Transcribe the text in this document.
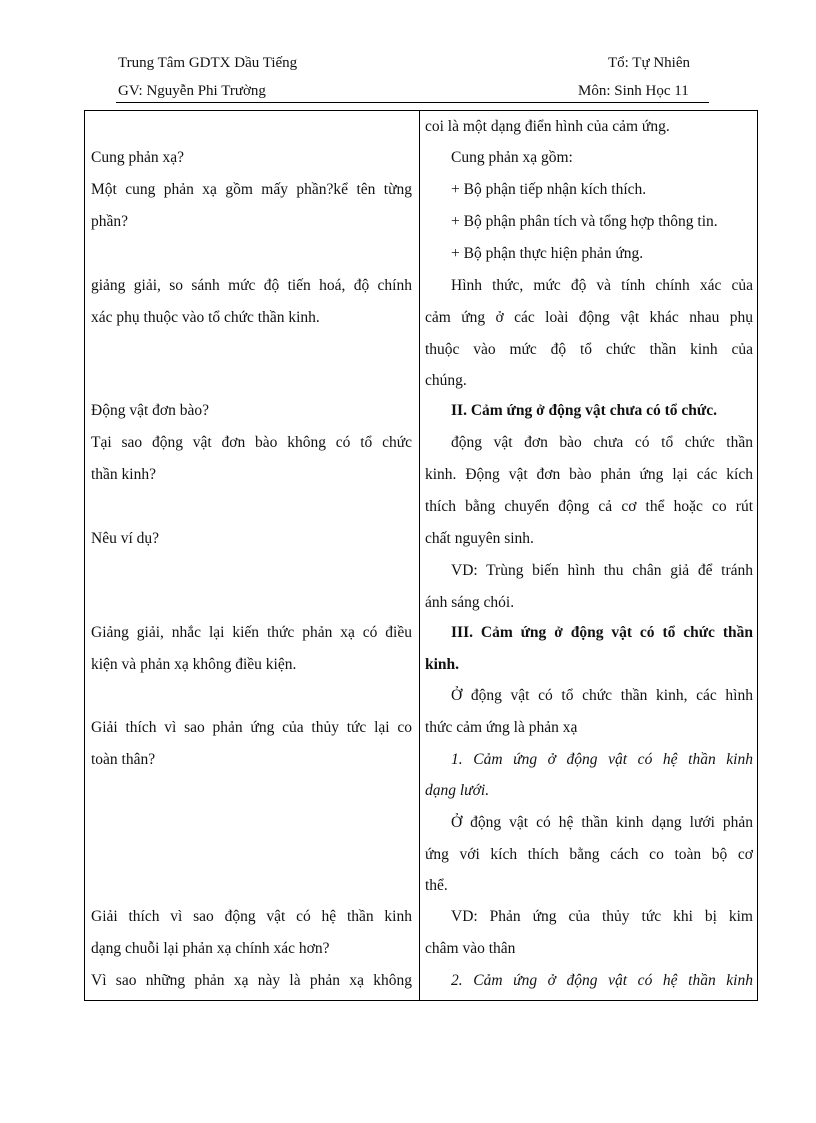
Trung Tâm GDTX Dầu Tiếng	Tổ: Tự Nhiên
GV: Nguyễn Phi Trường	Môn: Sinh Học 11
Cung phản xạ?
Một cung phản xạ gồm mấy phần?kể tên từng
phần?
giảng giải, so sánh mức độ tiến hoá, độ chính
xác phụ thuộc vào tổ chức thần kinh.
Động vật đơn bào?
Tại sao động vật đơn bào không có tổ chức
thần kinh?
Nêu ví dụ?
Giảng giải, nhắc lại kiến thức phản xạ có điều
kiện và phản xạ không điều kiện.
Giải thích vì sao phản ứng của thủy tức lại co
toàn thân?
Giải thích vì sao động vật có hệ thần kinh
dạng chuỗi lại phản xạ chính xác hơn?
Vì sao những phản xạ này là phản xạ không
coi là một dạng điển hình của cảm ứng.
Cung phản xạ gồm:
+ Bộ phận tiếp nhận kích thích.
+ Bộ phận phân tích và tổng hợp thông tin.
+ Bộ phận thực hiện phản ứng.
Hình thức, mức độ và tính chính xác của
cảm ứng ở các loài động vật khác nhau phụ
thuộc vào mức độ tổ chức thần kinh của
chúng.
II. Cảm ứng ở động vật chưa có tổ chức.
động vật đơn bào chưa có tổ chức thần
kinh. Động vật đơn bào phản ứng lại các kích
thích bằng chuyển động cả cơ thể hoặc co rút
chất nguyên sinh.
VD: Trùng biến hình thu chân giả để tránh
ánh sáng chói.
III. Cảm ứng ở động vật có tổ chức thần
kinh.
Ở động vật có tổ chức thần kinh, các hình
thức cảm ứng là phản xạ
1. Cảm ứng ở động vật có hệ thần kinh
dạng lưới.
Ở động vật có hệ thần kinh dạng lưới phản
ứng với kích thích bằng cách co toàn bộ cơ
thể.
VD: Phản ứng của thủy tức khi bị kim
châm vào thân
2. Cảm ứng ở động vật có hệ thần kinh
